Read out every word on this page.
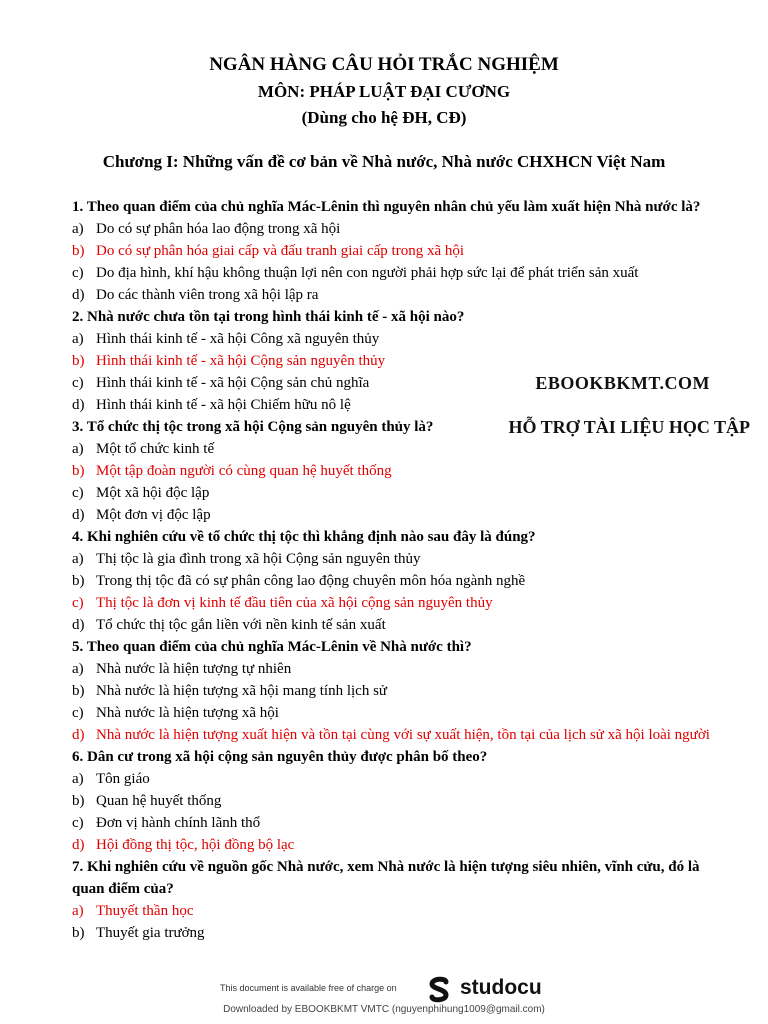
NGÂN HÀNG CÂU HỎI TRẮC NGHIỆM
MÔN: PHÁP LUẬT ĐẠI CƯƠNG
(Dùng cho hệ ĐH, CĐ)
Chương I: Những vấn đề cơ bản về Nhà nước, Nhà nước CHXHCN Việt Nam
1. Theo quan điểm của chủ nghĩa Mác-Lênin thì nguyên nhân chủ yếu làm xuất hiện Nhà nước là?
a) Do có sự phân hóa lao động trong xã hội
b) Do có sự phân hóa giai cấp và đấu tranh giai cấp trong xã hội
c) Do địa hình, khí hậu không thuận lợi nên con người phải hợp sức lại để phát triển sản xuất
d) Do các thành viên trong xã hội lập ra
2. Nhà nước chưa tồn tại trong hình thái kinh tế - xã hội nào?
a) Hình thái kinh tế - xã hội Công xã nguyên thủy
b) Hình thái kinh tế - xã hội Cộng sản nguyên thủy
c) Hình thái kinh tế - xã hội Cộng sản chủ nghĩa
d) Hình thái kinh tế - xã hội Chiếm hữu nô lệ
3. Tổ chức thị tộc trong xã hội Cộng sản nguyên thủy là?
a) Một tổ chức kinh tế
b) Một tập đoàn người có cùng quan hệ huyết thống
c) Một xã hội độc lập
d) Một đơn vị độc lập
4. Khi nghiên cứu về tổ chức thị tộc thì khẳng định nào sau đây là đúng?
a) Thị tộc là gia đình trong xã hội Cộng sản nguyên thủy
b) Trong thị tộc đã có sự phân công lao động chuyên môn hóa ngành nghề
c) Thị tộc là đơn vị kinh tế đầu tiên của xã hội cộng sản nguyên thủy
d) Tổ chức thị tộc gắn liền với nền kinh tế sản xuất
5. Theo quan điểm của chủ nghĩa Mác-Lênin về Nhà nước thì?
a) Nhà nước là hiện tượng tự nhiên
b) Nhà nước là hiện tượng xã hội mang tính lịch sử
c) Nhà nước là hiện tượng xã hội
d) Nhà nước là hiện tượng xuất hiện và tồn tại cùng với sự xuất hiện, tồn tại của lịch sử xã hội loài người
6. Dân cư trong xã hội cộng sản nguyên thủy được phân bố theo?
a) Tôn giáo
b) Quan hệ huyết thống
c) Đơn vị hành chính lãnh thổ
d) Hội đồng thị tộc, hội đồng bộ lạc
7. Khi nghiên cứu về nguồn gốc Nhà nước, xem Nhà nước là hiện tượng siêu nhiên, vĩnh cửu, đó là quan điểm của?
a) Thuyết thần học
b) Thuyết gia trưởng
EBOOKBKMT.COM
HỖ TRỢ TÀI LIỆU HỌC TẬP
This document is available free of charge on	studocu
Downloaded by EBOOKBKMT VMTC (nguyenphihung1009@gmail.com)
